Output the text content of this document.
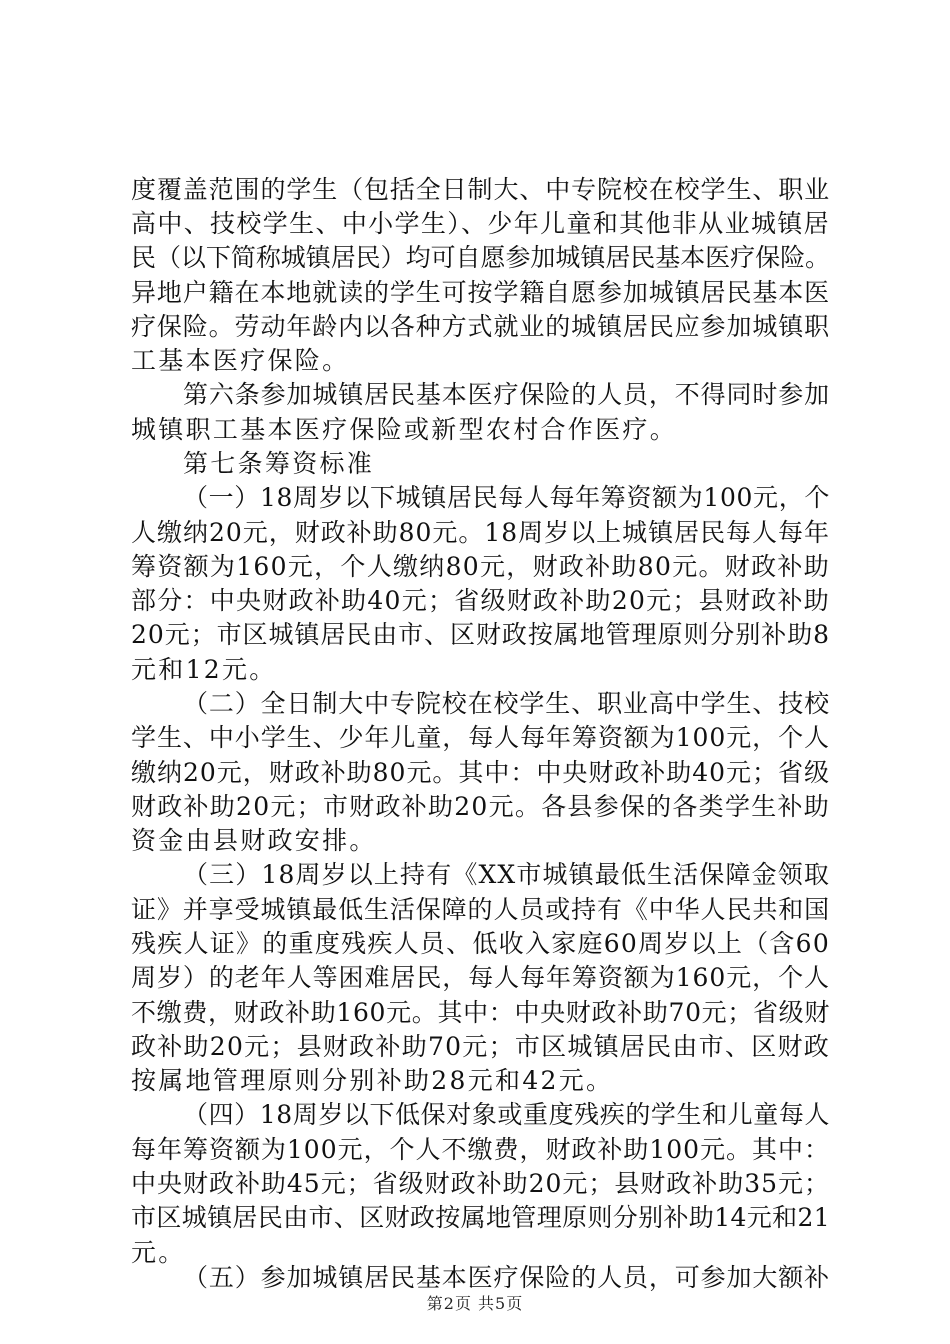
度覆盖范围的学生（包括全日制大、中专院校在校学生、职业
高中、技校学生、中小学生）、少年儿童和其他非从业城镇居
民（以下简称城镇居民）均可自愿参加城镇居民基本医疗保险。
异地户籍在本地就读的学生可按学籍自愿参加城镇居民基本医
疗保险。劳动年龄内以各种方式就业的城镇居民应参加城镇职
工基本医疗保险。
第六条参加城镇居民基本医疗保险的人员，不得同时参加
城镇职工基本医疗保险或新型农村合作医疗。
第七条筹资标准
（一）18周岁以下城镇居民每人每年筹资额为100元，个
人缴纳20元，财政补助80元。18周岁以上城镇居民每人每年
筹资额为160元，个人缴纳80元，财政补助80元。财政补助
部分：中央财政补助40元；省级财政补助20元；县财政补助
20元；市区城镇居民由市、区财政按属地管理原则分别补助8
元和12元。
（二）全日制大中专院校在校学生、职业高中学生、技校
学生、中小学生、少年儿童，每人每年筹资额为100元，个人
缴纳20元，财政补助80元。其中：中央财政补助40元；省级
财政补助20元；市财政补助20元。各县参保的各类学生补助
资金由县财政安排。
（三）18周岁以上持有《XX市城镇最低生活保障金领取
证》并享受城镇最低生活保障的人员或持有《中华人民共和国
残疾人证》的重度残疾人员、低收入家庭60周岁以上（含60
周岁）的老年人等困难居民，每人每年筹资额为160元，个人
不缴费，财政补助160元。其中：中央财政补助70元；省级财
政补助20元；县财政补助70元；市区城镇居民由市、区财政
按属地管理原则分别补助28元和42元。
（四）18周岁以下低保对象或重度残疾的学生和儿童每人
每年筹资额为100元，个人不缴费，财政补助100元。其中：
中央财政补助45元；省级财政补助20元；县财政补助35元；
市区城镇居民由市、区财政按属地管理原则分别补助14元和21
元。
（五）参加城镇居民基本医疗保险的人员，可参加大额补
第2页 共5页
